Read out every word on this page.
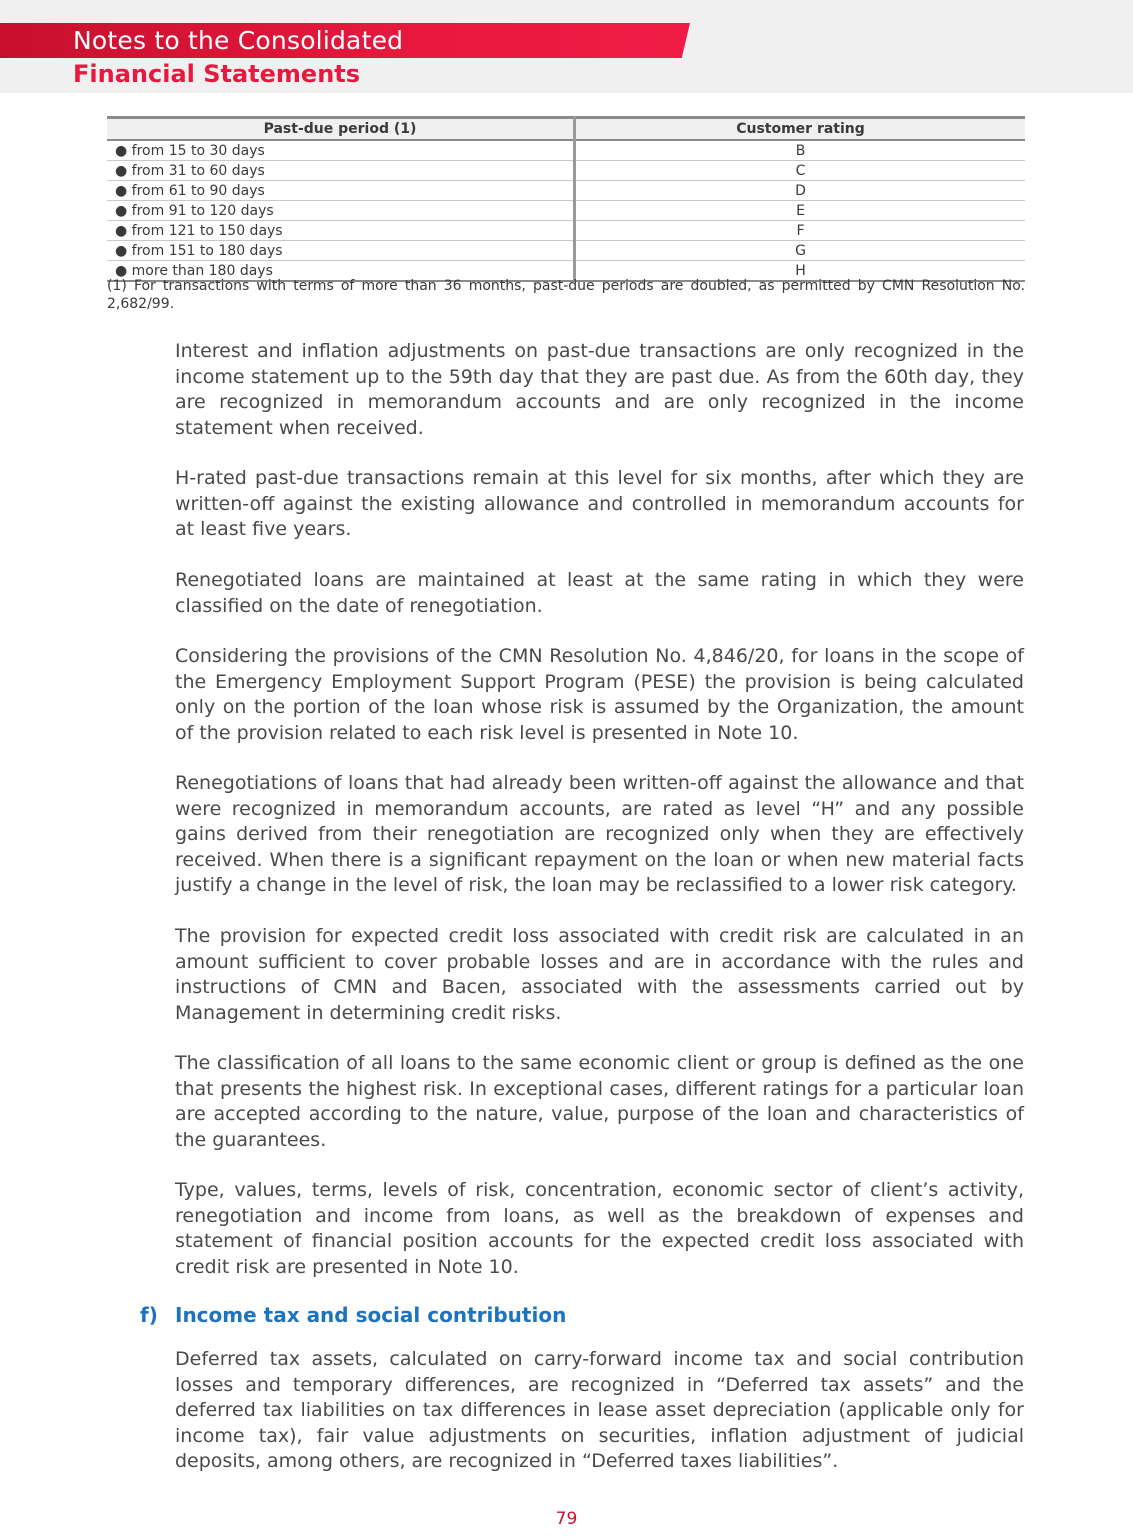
Notes to the Consolidated
Financial Statements
Past-due period (1)	Customer rating
● from 15 to 30 days	B
● from 31 to 60 days	C
● from 61 to 90 days	D
● from 91 to 120 days	E
● from 121 to 150 days	F
● from 151 to 180 days	G
● more than 180 days	H
(1) For transactions with terms of more than 36 months, past-due periods are doubled, as permitted by CMN Resolution No. 2,682/99.

Interest and inflation adjustments on past-due transactions are only recognized in the income statement up to the 59th day that they are past due. As from the 60th day, they are recognized in memorandum accounts and are only recognized in the income statement when received.

H-rated past-due transactions remain at this level for six months, after which they are written-off against the existing allowance and controlled in memorandum accounts for at least five years.

Renegotiated loans are maintained at least at the same rating in which they were classified on the date of renegotiation.

Considering the provisions of the CMN Resolution No. 4,846/20, for loans in the scope of the Emergency Employment Support Program (PESE) the provision is being calculated only on the portion of the loan whose risk is assumed by the Organization, the amount of the provision related to each risk level is presented in Note 10.

Renegotiations of loans that had already been written-off against the allowance and that were recognized in memorandum accounts, are rated as level “H” and any possible gains derived from their renegotiation are recognized only when they are effectively received. When there is a significant repayment on the loan or when new material facts justify a change in the level of risk, the loan may be reclassified to a lower risk category.

The provision for expected credit loss associated with credit risk are calculated in an amount sufficient to cover probable losses and are in accordance with the rules and instructions of CMN and Bacen, associated with the assessments carried out by Management in determining credit risks.

The classification of all loans to the same economic client or group is defined as the one that presents the highest risk. In exceptional cases, different ratings for a particular loan are accepted according to the nature, value, purpose of the loan and characteristics of the guarantees.

Type, values, terms, levels of risk, concentration, economic sector of client’s activity, renegotiation and income from loans, as well as the breakdown of expenses and statement of financial position accounts for the expected credit loss associated with credit risk are presented in Note 10.

f) Income tax and social contribution

Deferred tax assets, calculated on carry-forward income tax and social contribution losses and temporary differences, are recognized in “Deferred tax assets” and the deferred tax liabilities on tax differences in lease asset depreciation (applicable only for income tax), fair value adjustments on securities, inflation adjustment of judicial deposits, among others, are recognized in “Deferred taxes liabilities”.

79
